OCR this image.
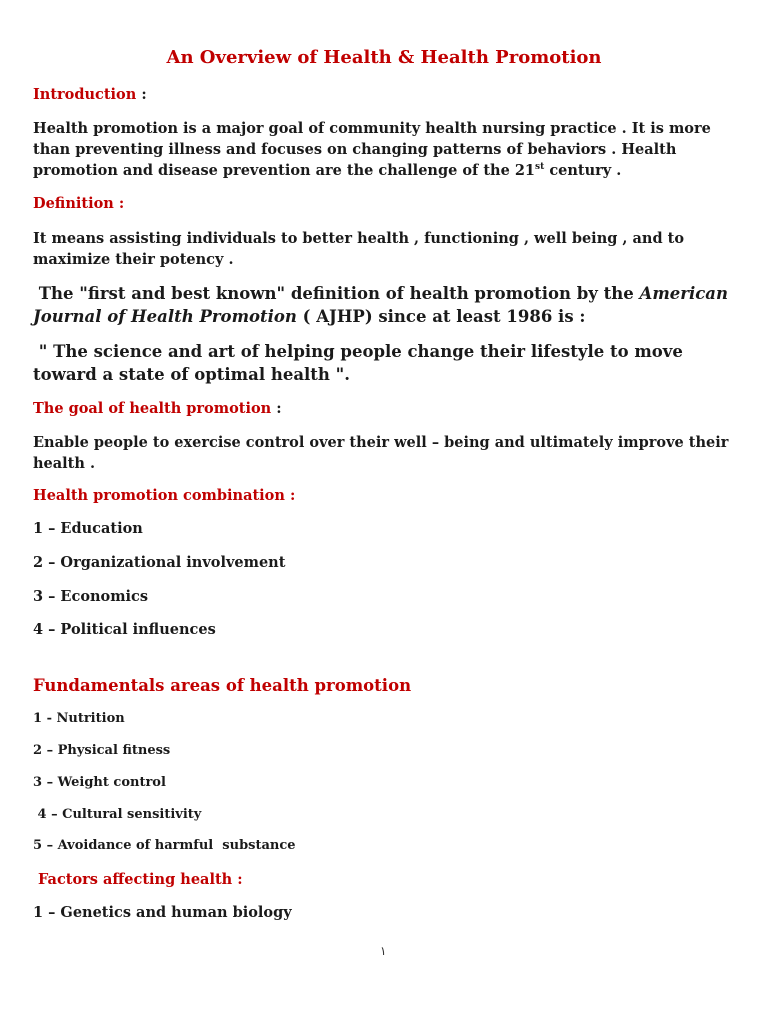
An Overview of Health & Health Promotion

Introduction :

Health promotion is a major goal of community health nursing practice . It is more than preventing illness and focuses on changing patterns of behaviors . Health promotion and disease prevention are the challenge of the 21st century .

Definition :

It means assisting individuals to better health , functioning , well being , and to maximize their potency .

The "first and best known" definition of health promotion by the American Journal of Health Promotion ( AJHP) since at least 1986 is :

" The science and art of helping people change their lifestyle to move toward a state of optimal health ".

The goal of health promotion :

Enable people to exercise control over their well – being and ultimately improve their health .

Health promotion combination :

1 – Education

2 – Organizational involvement

3 – Economics

4 – Political influences

Fundamentals areas of health promotion

1 - Nutrition

2 – Physical fitness

3 – Weight control

4 – Cultural sensitivity

5 – Avoidance of harmful  substance

Factors affecting health :

1 – Genetics and human biology

١
